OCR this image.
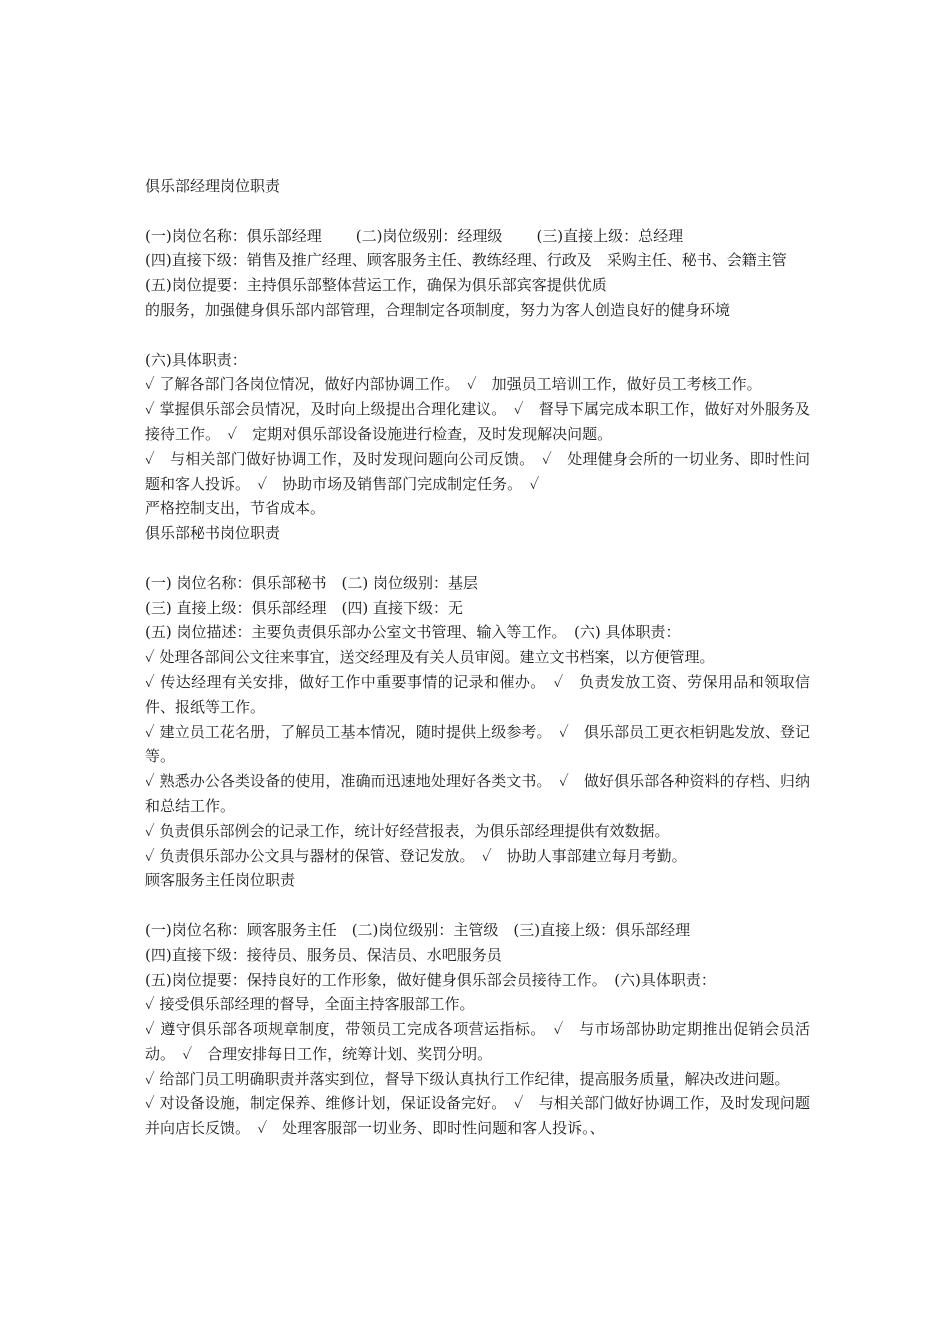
俱乐部经理岗位职责
(一)岗位名称：俱乐部经理 (二)岗位级别：经理级 (三)直接上级：总经理
(四)直接下级：销售及推广经理、顾客服务主任、教练经理、行政及　采购主任、秘书、会籍主管
(五)岗位提要：主持俱乐部整体营运工作，确保为俱乐部宾客提供优质
的服务，加强健身俱乐部内部管理，合理制定各项制度，努力为客人创造良好的健身环境
(六)具体职责：
✓ 了解各部门各岗位情况，做好内部协调工作。　✓　加强员工培训工作，做好员工考核工作。
✓ 掌握俱乐部会员情况，及时向上级提出合理化建议。　✓　督导下属完成本职工作，做好对外服务及接待工作。　✓　定期对俱乐部设备设施进行检查，及时发现解决问题。
✓　与相关部门做好协调工作，及时发现问题向公司反馈。　✓　处理健身会所的一切业务、即时性问题和客人投诉。　✓　协助市场及销售部门完成制定任务。　✓
严格控制支出，节省成本。
俱乐部秘书岗位职责
(一) 岗位名称：俱乐部秘书　(二) 岗位级别：基层
(三) 直接上级：俱乐部经理　(四) 直接下级：无
(五) 岗位描述：主要负责俱乐部办公室文书管理、输入等工作。　(六) 具体职责：
✓ 处理各部间公文往来事宜，送交经理及有关人员审阅。建立文书档案，以方便管理。
✓ 传达经理有关安排，做好工作中重要事情的记录和催办。　✓　负责发放工资、劳保用品和领取信件、报纸等工作。
✓ 建立员工花名册，了解员工基本情况，随时提供上级参考。　✓　俱乐部员工更衣柜钥匙发放、登记等。
✓ 熟悉办公各类设备的使用，准确而迅速地处理好各类文书。　✓　做好俱乐部各种资料的存档、归纳和总结工作。
✓ 负责俱乐部例会的记录工作，统计好经营报表，为俱乐部经理提供有效数据。
✓ 负责俱乐部办公文具与器材的保管、登记发放。　✓　协助人事部建立每月考勤。
顾客服务主任岗位职责
(一)岗位名称：顾客服务主任　(二)岗位级别：主管级　(三)直接上级：俱乐部经理
(四)直接下级：接待员、服务员、保洁员、水吧服务员
(五)岗位提要：保持良好的工作形象，做好健身俱乐部会员接待工作。　(六)具体职责：
✓ 接受俱乐部经理的督导，全面主持客服部工作。
✓ 遵守俱乐部各项规章制度，带领员工完成各项营运指标。　✓　与市场部协助定期推出促销会员活动。　✓　合理安排每日工作，统筹计划、奖罚分明。
✓ 给部门员工明确职责并落实到位，督导下级认真执行工作纪律，提高服务质量，解决改进问题。
✓ 对设备设施，制定保养、维修计划，保证设备完好。　✓　与相关部门做好协调工作，及时发现问题并向店长反馈。　✓　处理客服部一切业务、即时性问题和客人投诉。、
